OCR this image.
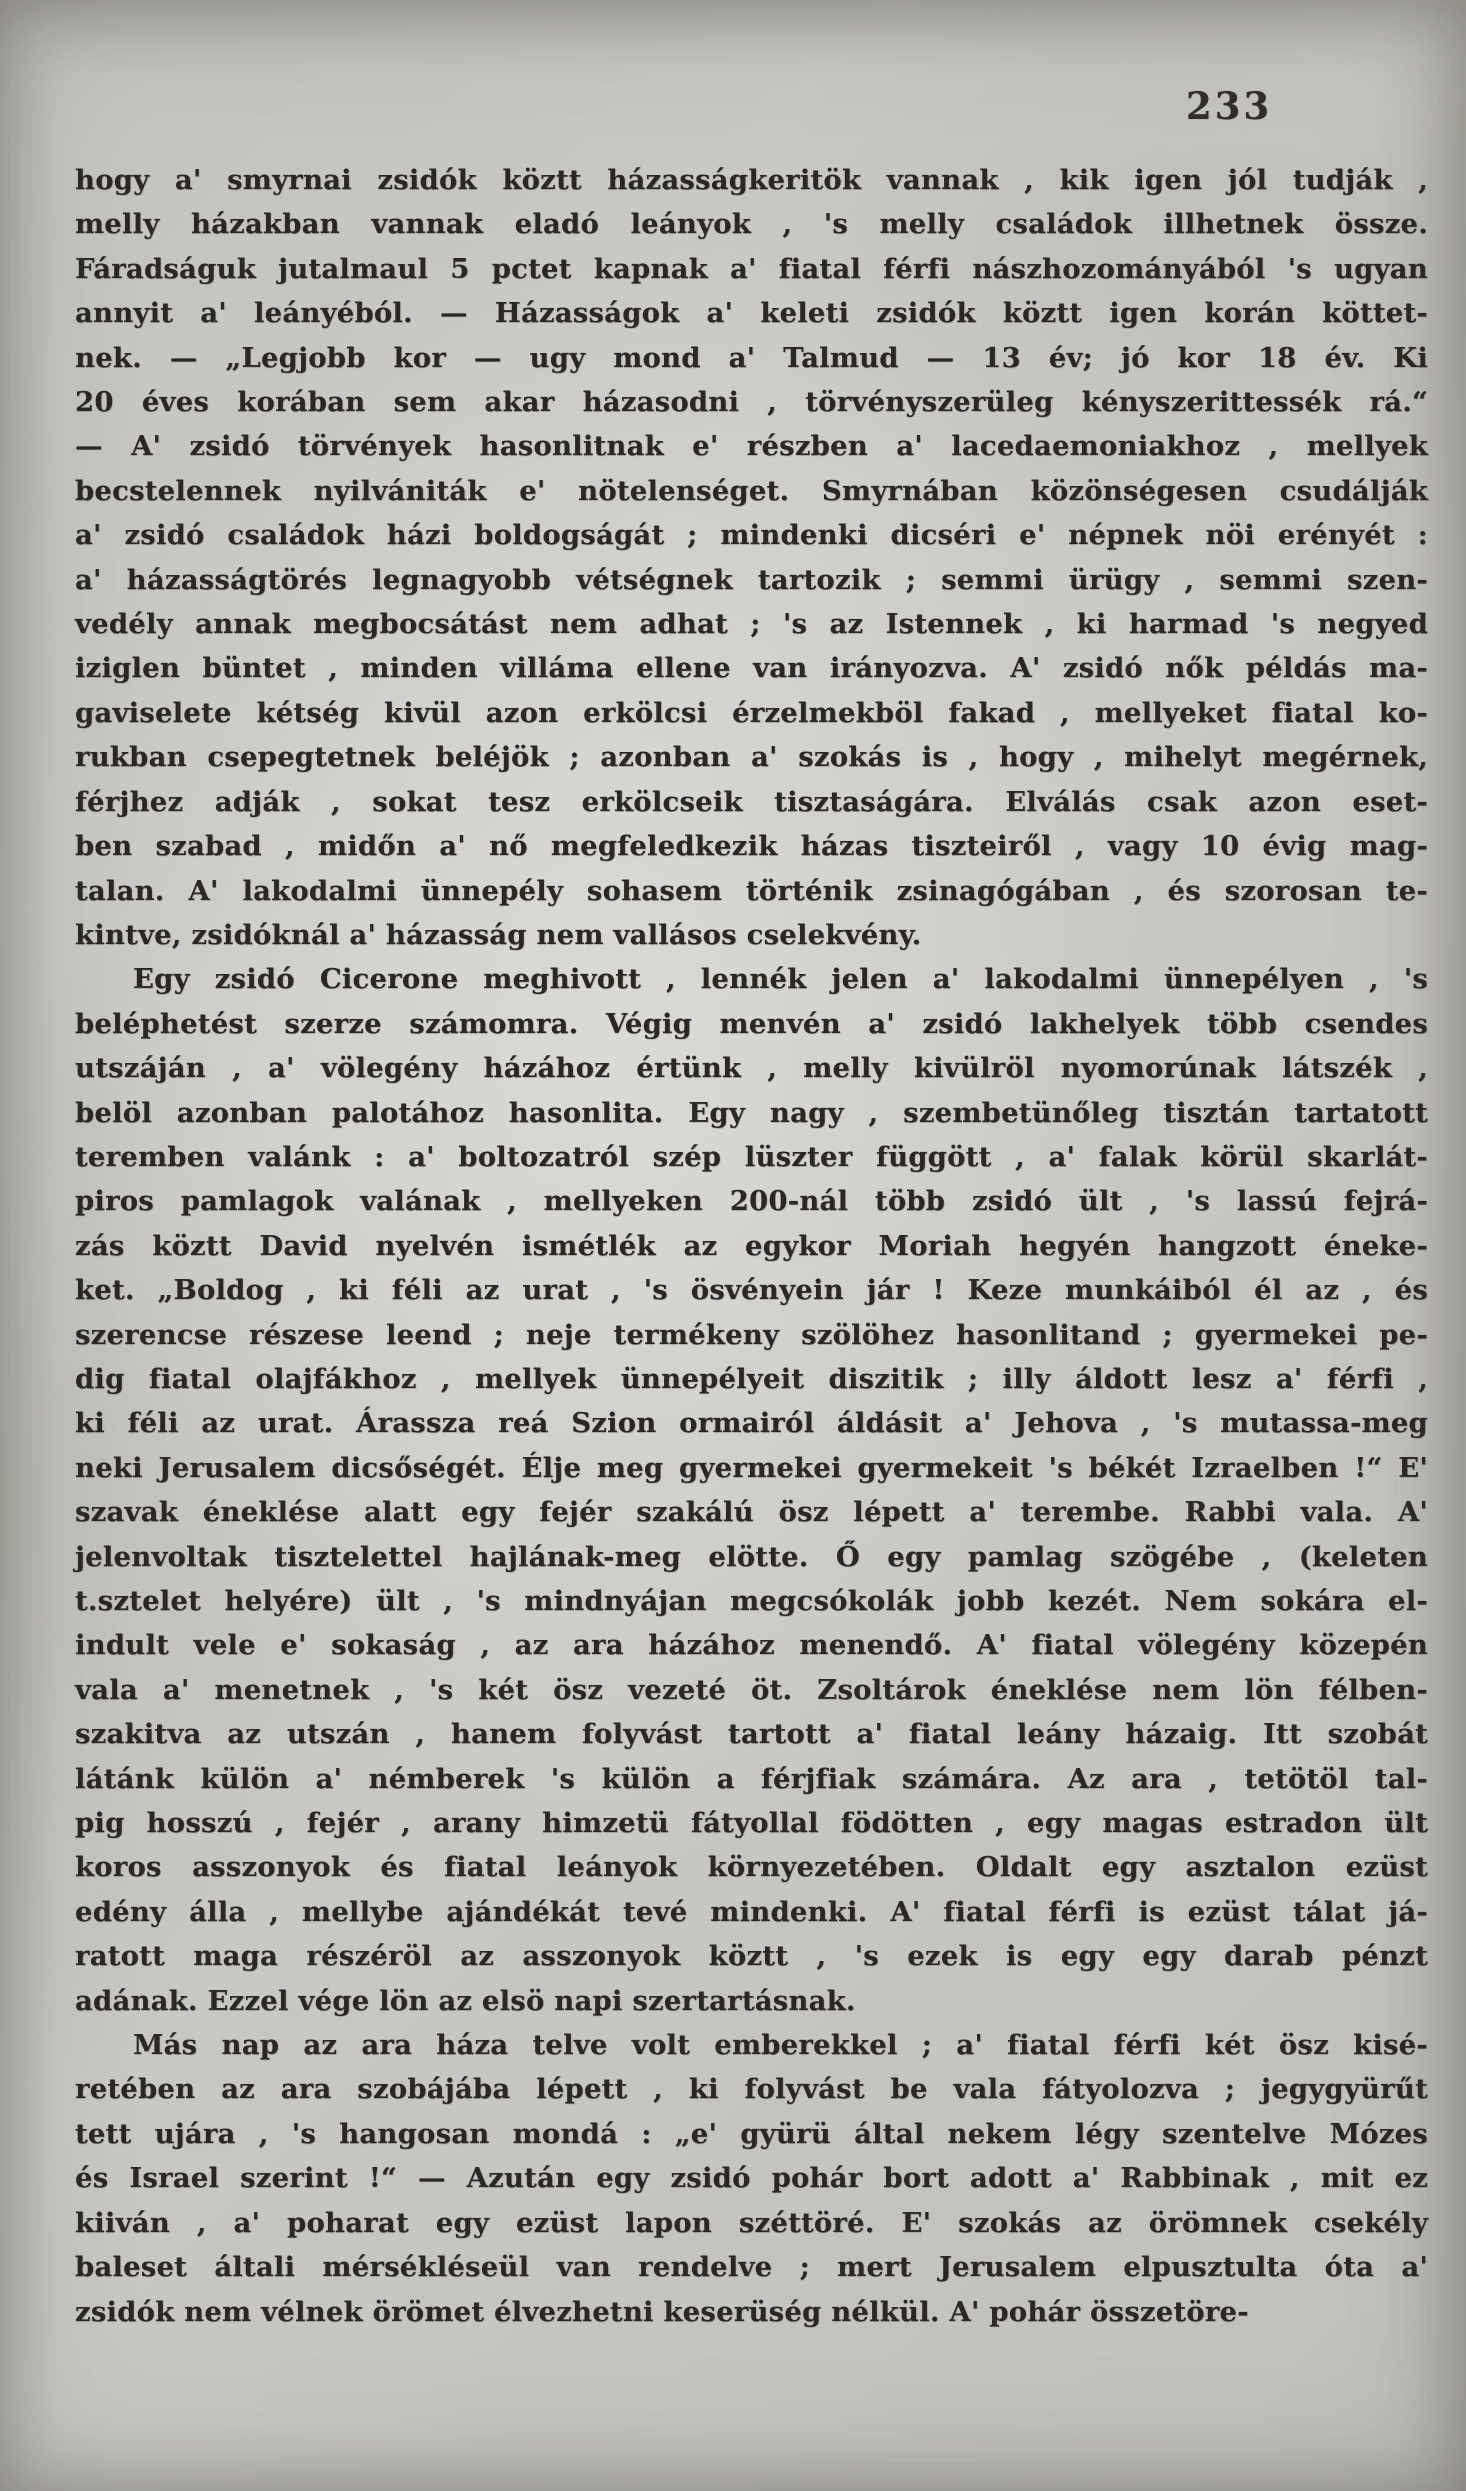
233
hogy a' smyrnai zsidók köztt házasságkeritök vannak , kik igen jól tudják ,
melly házakban vannak eladó leányok , 's melly családok illhetnek össze.
Fáradságuk jutalmaul 5 pctet kapnak a' fiatal férfi nászhozományából 's ugyan
annyit a' leányéból. — Házasságok a' keleti zsidók köztt igen korán köttet-
nek. — „Legjobb kor — ugy mond a' Talmud — 13 év; jó kor 18 év. Ki
20 éves korában sem akar házasodni , törvényszerüleg kényszerittessék rá.“
— A' zsidó törvények hasonlitnak e' részben a' lacedaemoniakhoz , mellyek
becstelennek nyilvániták e' nötelenséget. Smyrnában közönségesen csudálják
a' zsidó családok házi boldogságát ; mindenki dicséri e' népnek nöi erényét :
a' házasságtörés legnagyobb vétségnek tartozik ; semmi ürügy , semmi szen-
vedély annak megbocsátást nem adhat ; 's az Istennek , ki harmad 's negyed
iziglen büntet , minden villáma ellene van irányozva. A' zsidó nők példás ma-
gaviselete kétség kivül azon erkölcsi érzelmekböl fakad , mellyeket fiatal ko-
rukban csepegtetnek beléjök ; azonban a' szokás is , hogy , mihelyt megérnek,
férjhez adják , sokat tesz erkölcseik tisztaságára. Elválás csak azon eset-
ben szabad , midőn a' nő megfeledkezik házas tiszteiről , vagy 10 évig mag-
talan. A' lakodalmi ünnepély sohasem történik zsinagógában , és szorosan te-
kintve, zsidóknál a' házasság nem vallásos cselekvény.
Egy zsidó Cicerone meghivott , lennék jelen a' lakodalmi ünnepélyen , 's
beléphetést szerze számomra. Végig menvén a' zsidó lakhelyek több csendes
utszáján , a' völegény házához értünk , melly kivülröl nyomorúnak látszék ,
belöl azonban palotához hasonlita. Egy nagy , szembetünőleg tisztán tartatott
teremben valánk : a' boltozatról szép lüszter függött , a' falak körül skarlát-
piros pamlagok valának , mellyeken 200-nál több zsidó ült , 's lassú fejrá-
zás köztt David nyelvén ismétlék az egykor Moriah hegyén hangzott éneke-
ket. „Boldog , ki féli az urat , 's ösvényein jár ! Keze munkáiból él az , és
szerencse részese leend ; neje termékeny szölöhez hasonlitand ; gyermekei pe-
dig fiatal olajfákhoz , mellyek ünnepélyeit diszitik ; illy áldott lesz a' férfi ,
ki féli az urat. Árassza reá Szion ormairól áldásit a' Jehova , 's mutassa-meg
neki Jerusalem dicsőségét. Élje meg gyermekei gyermekeit 's békét Izraelben !“ E'
szavak éneklése alatt egy fejér szakálú ösz lépett a' terembe. Rabbi vala. A'
jelenvoltak tisztelettel hajlának-meg elötte. Ő egy pamlag szögébe , (keleten
t.sztelet helyére) ült , 's mindnyájan megcsókolák jobb kezét. Nem sokára el-
indult vele e' sokaság , az ara házához menendő. A' fiatal völegény közepén
vala a' menetnek , 's két ösz vezeté öt. Zsoltárok éneklése nem lön félben-
szakitva az utszán , hanem folyvást tartott a' fiatal leány házaig. Itt szobát
látánk külön a' némberek 's külön a férjfiak számára. Az ara , tetötöl tal-
pig hosszú , fejér , arany himzetü fátyollal födötten , egy magas estradon ült
koros asszonyok és fiatal leányok környezetében. Oldalt egy asztalon ezüst
edény álla , mellybe ajándékát tevé mindenki. A' fiatal férfi is ezüst tálat já-
ratott maga részéröl az asszonyok köztt , 's ezek is egy egy darab pénzt
adának. Ezzel vége lön az elsö napi szertartásnak.
Más nap az ara háza telve volt emberekkel ; a' fiatal férfi két ösz kisé-
retében az ara szobájába lépett , ki folyvást be vala fátyolozva ; jegygyürűt
tett ujára , 's hangosan mondá : „e' gyürü által nekem légy szentelve Mózes
és Israel szerint !“ — Azután egy zsidó pohár bort adott a' Rabbinak , mit ez
kiiván , a' poharat egy ezüst lapon széttöré. E' szokás az örömnek csekély
baleset általi mérsékléseül van rendelve ; mert Jerusalem elpusztulta óta a'
zsidók nem vélnek örömet élvezhetni keserüség nélkül. A' pohár összetöre-
